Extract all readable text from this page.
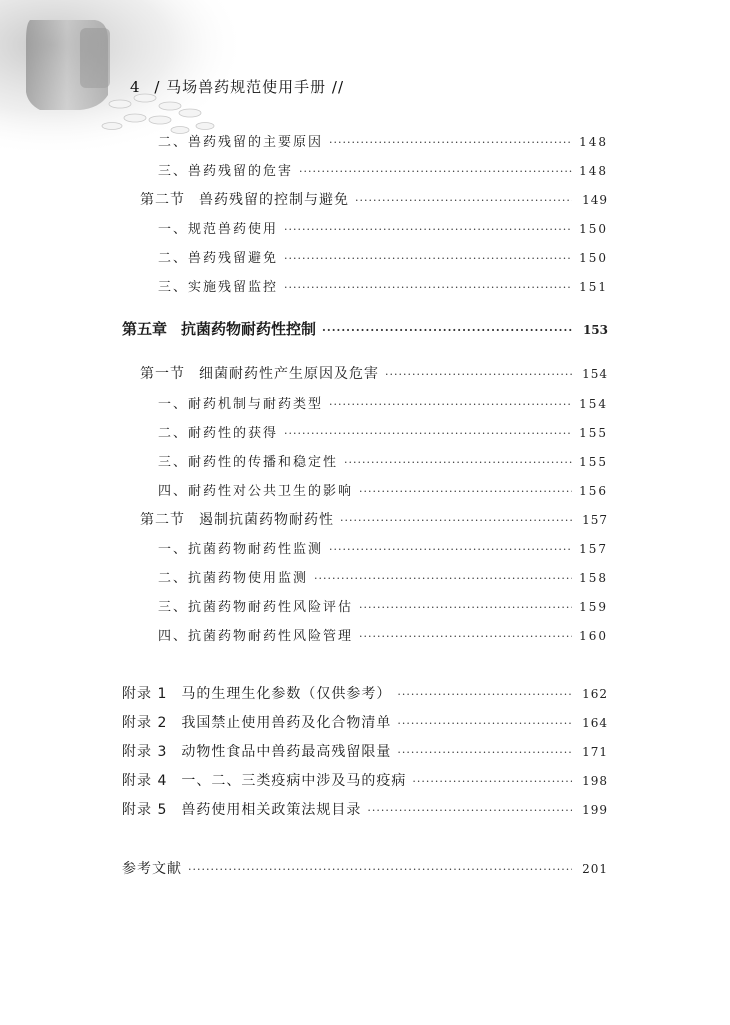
4 / 马场兽药规范使用手册 //
二、兽药残留的主要原因 ·····	148
三、兽药残留的危害 ·····	148
第二节 兽药残留的控制与避免 ·····	149
一、规范兽药使用 ·····	150
二、兽药残留避免 ·····	150
三、实施残留监控 ·····	151
第五章 抗菌药物耐药性控制 ·····	153
第一节 细菌耐药性产生原因及危害 ·····	154
一、耐药机制与耐药类型 ·····	154
二、耐药性的获得 ·····	155
三、耐药性的传播和稳定性 ·····	155
四、耐药性对公共卫生的影响 ·····	156
第二节 遏制抗菌药物耐药性 ·····	157
一、抗菌药物耐药性监测 ·····	157
二、抗菌药物使用监测 ·····	158
三、抗菌药物耐药性风险评估 ·····	159
四、抗菌药物耐药性风险管理 ·····	160
附录 1 马的生理生化参数（仅供参考） ·····	162
附录 2 我国禁止使用兽药及化合物清单 ·····	164
附录 3 动物性食品中兽药最高残留限量 ·····	171
附录 4 一、二、三类疫病中涉及马的疫病 ·····	198
附录 5 兽药使用相关政策法规目录 ·····	199
参考文献 ·····	201
